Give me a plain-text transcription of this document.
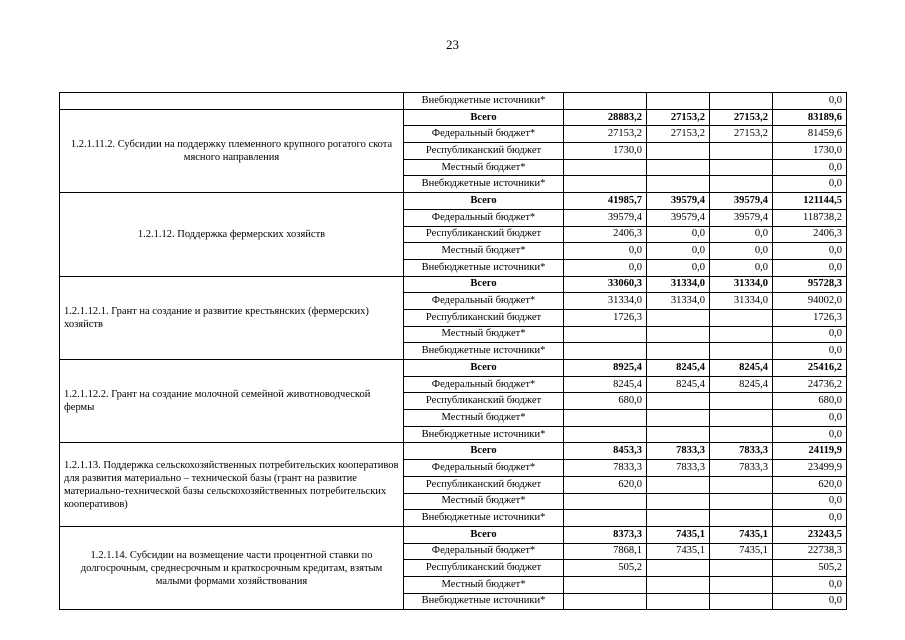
23
	Внебюджетные источники*				0,0
1.2.1.11.2. Субсидии на поддержку племенного крупного рогатого скота мясного направления	Всего	28883,2	27153,2	27153,2	83189,6
	Федеральный бюджет*	27153,2	27153,2	27153,2	81459,6
	Республиканский бюджет	1730,0			1730,0
	Местный бюджет*				0,0
	Внебюджетные источники*				0,0
1.2.1.12. Поддержка фермерских хозяйств	Всего	41985,7	39579,4	39579,4	121144,5
	Федеральный бюджет*	39579,4	39579,4	39579,4	118738,2
	Республиканский бюджет	2406,3	0,0	0,0	2406,3
	Местный бюджет*	0,0	0,0	0,0	0,0
	Внебюджетные источники*	0,0	0,0	0,0	0,0
1.2.1.12.1. Грант на создание и развитие крестьянских (фермерских) хозяйств	Всего	33060,3	31334,0	31334,0	95728,3
	Федеральный бюджет*	31334,0	31334,0	31334,0	94002,0
	Республиканский бюджет	1726,3			1726,3
	Местный бюджет*				0,0
	Внебюджетные источники*				0,0
1.2.1.12.2. Грант на создание молочной семейной животноводческой фермы	Всего	8925,4	8245,4	8245,4	25416,2
	Федеральный бюджет*	8245,4	8245,4	8245,4	24736,2
	Республиканский бюджет	680,0			680,0
	Местный бюджет*				0,0
	Внебюджетные источники*				0,0
1.2.1.13. Поддержка сельскохозяйственных потребительских кооперативов для развития материально – технической базы (грант на развитие материально-технической базы сельскохозяйственных потребительских кооперативов)	Всего	8453,3	7833,3	7833,3	24119,9
	Федеральный бюджет*	7833,3	7833,3	7833,3	23499,9
	Республиканский бюджет	620,0			620,0
	Местный бюджет*				0,0
	Внебюджетные источники*				0,0
1.2.1.14. Субсидии на возмещение части процентной ставки по долгосрочным, среднесрочным и краткосрочным кредитам, взятым малыми формами хозяйствования	Всего	8373,3	7435,1	7435,1	23243,5
	Федеральный бюджет*	7868,1	7435,1	7435,1	22738,3
	Республиканский бюджет	505,2			505,2
	Местный бюджет*				0,0
	Внебюджетные источники*				0,0
